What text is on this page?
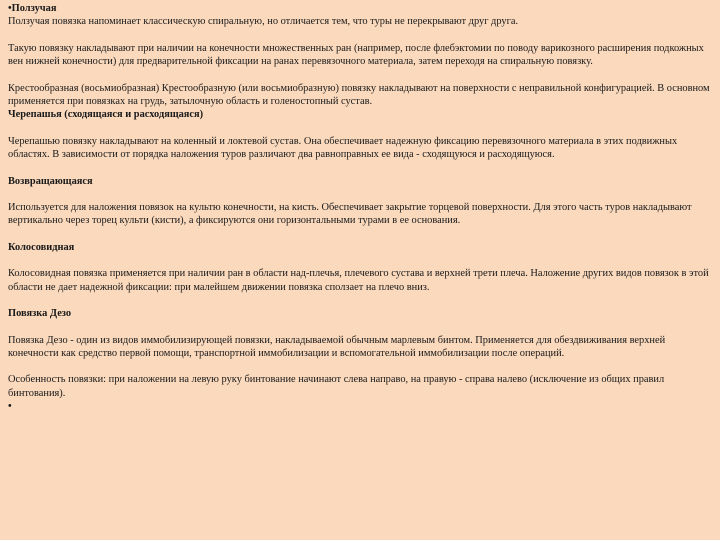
•Ползучая

Ползучая повязка напоминает классическую спиральную, но отличается тем, что туры не перекрывают друг друга.

Такую повязку накладывают при наличии на конечности множественных ран (например, после флебэктомии по поводу варикозного расширения подкожных вен нижней конечности) для предварительной фиксации на ранах перевязочного материала, затем переходя на спиральную повязку.

Крестообразная (восьмиобразная) Крестообразную (или восьмиобразную) повязку накладывают на поверхности с неправильной конфигурацией. В основном применяется при повязках на грудь, затылочную область и голеностопный сустав.

Черепашья (сходящаяся и расходящаяся)

Черепашью повязку накладывают на коленный и локтевой сустав. Она обеспечивает надежную фиксацию перевязочного материала в этих подвижных областях. В зависимости от порядка наложения туров различают два равноправных ее вида - сходящуюся и расходящуюся.

Возвращающаяся

Используется для наложения повязок на культю конечности, на кисть. Обеспечивает закрытие торцевой поверхности. Для этого часть туров накладывают вертикально через торец культи (кисти), а фиксируются они горизонтальными турами в ее основания.

Колосовидная

Колосовидная повязка применяется при наличии ран в области над-плечья, плечевого сустава и верхней трети плеча. Наложение других видов повязок в этой области не дает надежной фиксации: при малейшем движении повязка сползает на плечо вниз.

Повязка Дезо

Повязка Дезо - один из видов иммобилизирующей повязки, накладываемой обычным марлевым бинтом. Применяется для обездвиживания верхней конечности как средство первой помощи, транспортной иммобилизации и вспомогательной иммобилизации после операций.

Особенность повязки: при наложении на левую руку бинтование начинают слева направо, на правую - справа налево (исключение из общих правил бинтования).

•
